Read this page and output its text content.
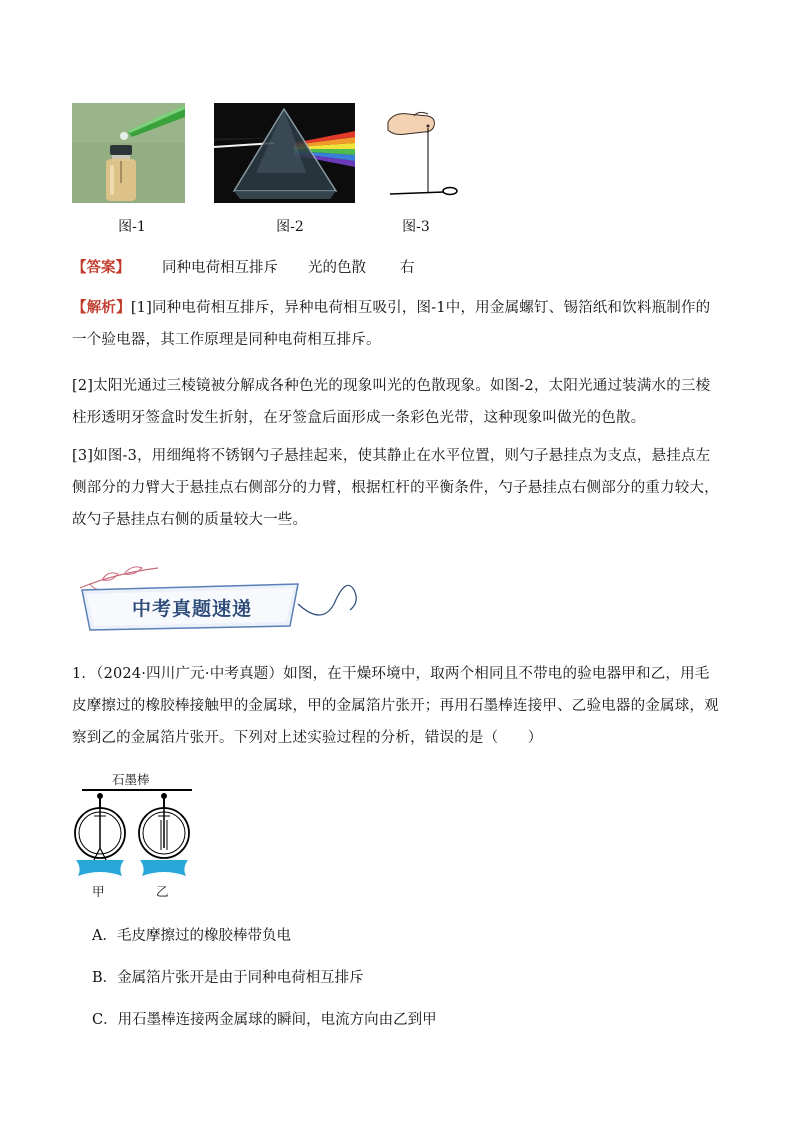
图-1	图-2	图-3
【答案】 同种电荷相互排斥 光的色散 右
【解析】[1]同种电荷相互排斥，异种电荷相互吸引，图-1中，用金属螺钉、锡箔纸和饮料瓶制作的一个验电器，其工作原理是同种电荷相互排斥。
[2]太阳光通过三棱镜被分解成各种色光的现象叫光的色散现象。如图-2，太阳光通过装满水的三棱柱形透明牙签盒时发生折射，在牙签盒后面形成一条彩色光带，这种现象叫做光的色散。
[3]如图-3，用细绳将不锈钢勺子悬挂起来，使其静止在水平位置，则勺子悬挂点为支点，悬挂点左侧部分的力臂大于悬挂点右侧部分的力臂，根据杠杆的平衡条件，勺子悬挂点右侧部分的重力较大，故勺子悬挂点右侧的质量较大一些。
中考真题速递
1．（2024·四川广元·中考真题）如图，在干燥环境中，取两个相同且不带电的验电器甲和乙，用毛皮摩擦过的橡胶棒接触甲的金属球，甲的金属箔片张开；再用石墨棒连接甲、乙验电器的金属球，观察到乙的金属箔片张开。下列对上述实验过程的分析，错误的是（　　）
石墨棒
甲	乙
A．毛皮摩擦过的橡胶棒带负电
B．金属箔片张开是由于同种电荷相互排斥
C．用石墨棒连接两金属球的瞬间，电流方向由乙到甲
